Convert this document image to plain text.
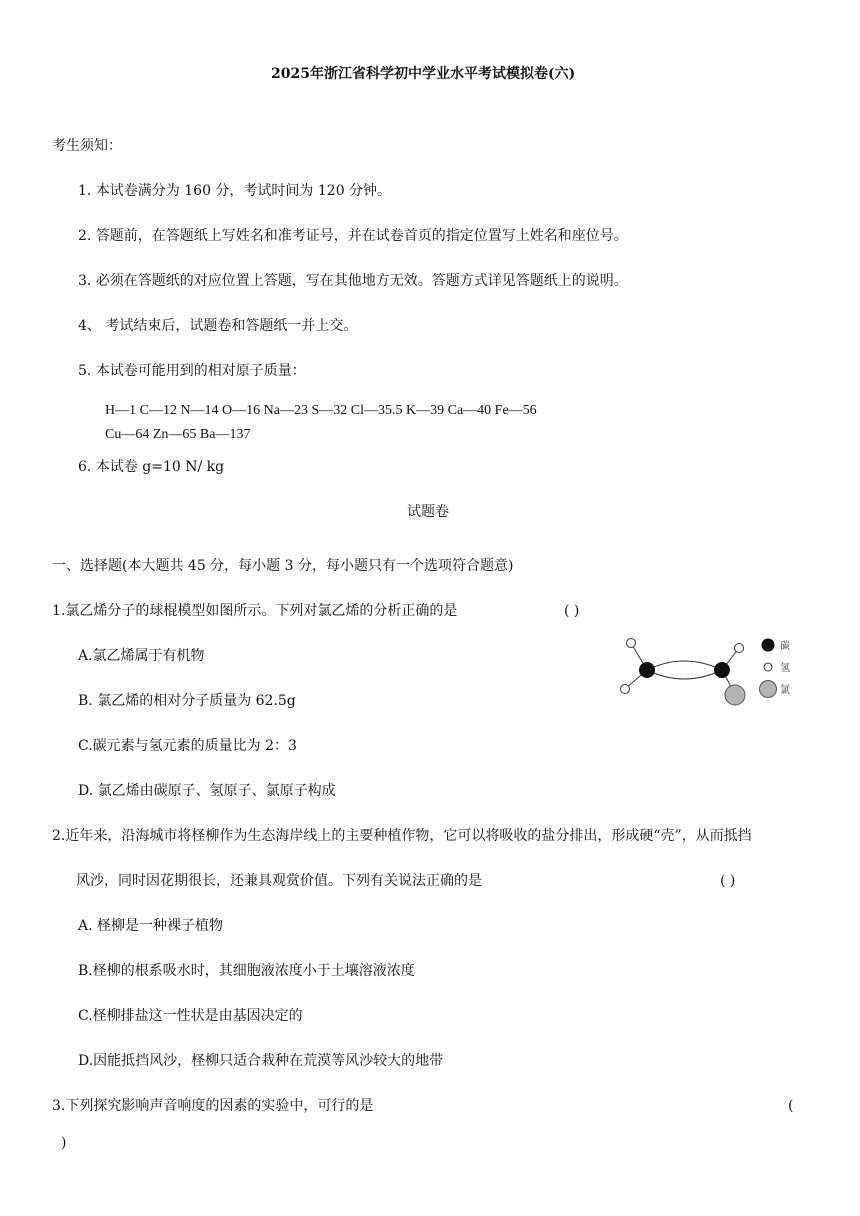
2025年浙江省科学初中学业水平考试模拟卷(六)
考生须知：
1. 本试卷满分为 160 分，考试时间为 120 分钟。
2. 答题前，在答题纸上写姓名和准考证号，并在试卷首页的指定位置写上姓名和座位号。
3. 必须在答题纸的对应位置上答题，写在其他地方无效。答题方式详见答题纸上的说明。
4、 考试结束后，试题卷和答题纸一并上交。
5. 本试卷可能用到的相对原子质量：
H—1 C—12 N—14 O—16 Na—23 S—32 Cl—35.5 K—39 Ca—40 Fe—56
Cu—64 Zn—65 Ba—137
6. 本试卷 g=10 N/ kg
试题卷
一、选择题(本大题共 45 分，每小题 3 分，每小题只有一个选项符合题意)
1.氯乙烯分子的球棍模型如图所示。下列对氯乙烯的分析正确的是	( )
A.氯乙烯属于有机物
B. 氯乙烯的相对分子质量为 62.5g
C.碳元素与氢元素的质量比为 2：3
D. 氯乙烯由碳原子、氢原子、氯原子构成
碳
氢
氯
2.近年来，沿海城市将柽柳作为生态海岸线上的主要种植作物，它可以将吸收的盐分排出，形成硬“壳”，从而抵挡
风沙，同时因花期很长，还兼具观赏价值。下列有关说法正确的是	( )
A. 柽柳是一种裸子植物
B.柽柳的根系吸水时，其细胞液浓度小于土壤溶液浓度
C.柽柳排盐这一性状是由基因决定的
D.因能抵挡风沙，柽柳只适合栽种在荒漠等风沙较大的地带
3.下列探究影响声音响度的因素的实验中，可行的是	(
)
